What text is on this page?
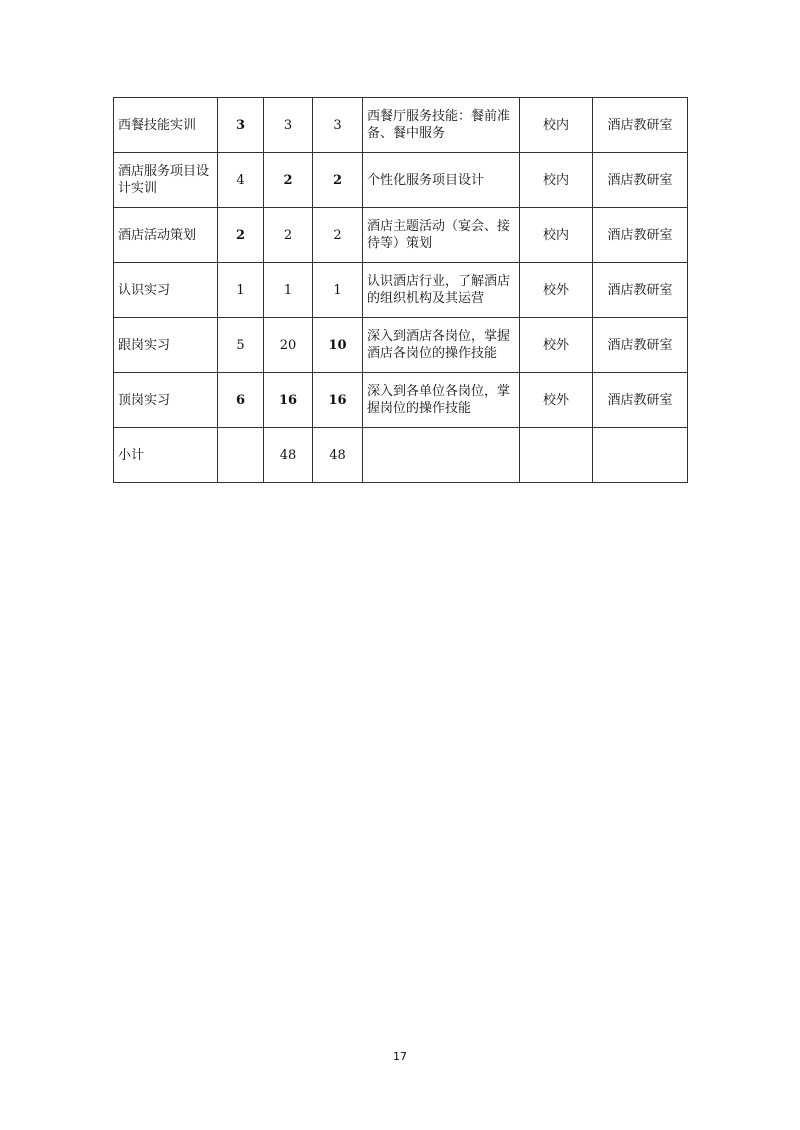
西餐技能实训	3	3	3	西餐厅服务技能：餐前准备、餐中服务	校内	酒店教研室
酒店服务项目设计实训	4	2	2	个性化服务项目设计	校内	酒店教研室
酒店活动策划	2	2	2	酒店主题活动（宴会、接待等）策划	校内	酒店教研室
认识实习	1	1	1	认识酒店行业，了解酒店的组织机构及其运营	校外	酒店教研室
跟岗实习	5	20	10	深入到酒店各岗位，掌握酒店各岗位的操作技能	校外	酒店教研室
顶岗实习	6	16	16	深入到各单位各岗位，掌握岗位的操作技能	校外	酒店教研室
小计		48	48			
17
